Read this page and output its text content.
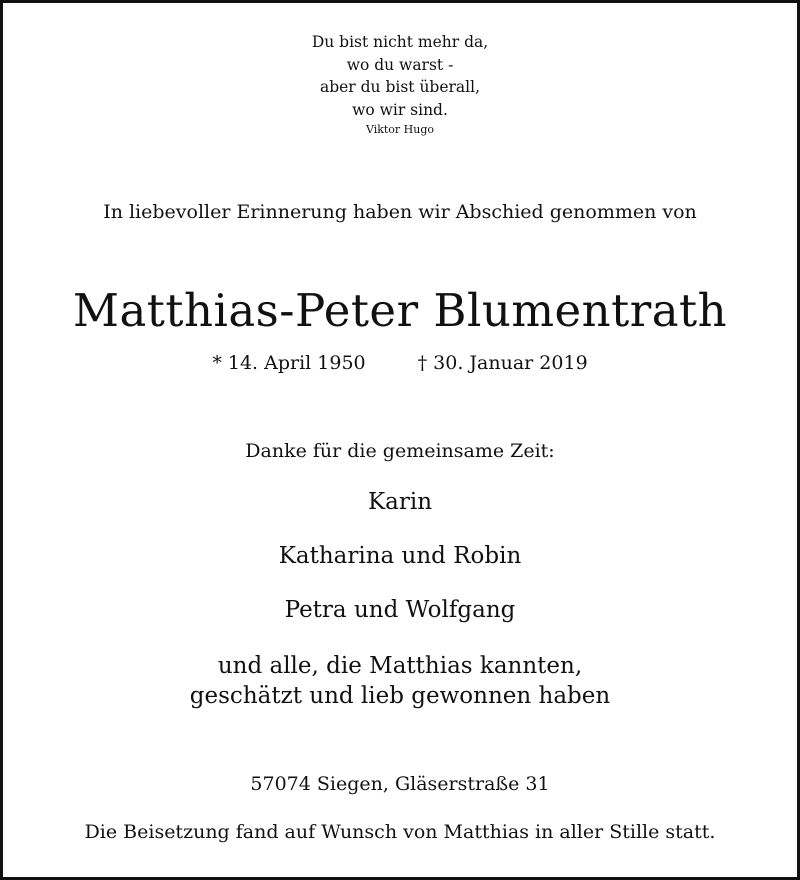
Du bist nicht mehr da,
wo du warst -
aber du bist überall,
wo wir sind.
Viktor Hugo
In liebevoller Erinnerung haben wir Abschied genommen von
Matthias-Peter Blumentrath
* 14. April 1950	† 30. Januar 2019
Danke für die gemeinsame Zeit:
Karin
Katharina und Robin
Petra und Wolfgang
und alle, die Matthias kannten,
geschätzt und lieb gewonnen haben
57074 Siegen, Gläserstraße 31
Die Beisetzung fand auf Wunsch von Matthias in aller Stille statt.
